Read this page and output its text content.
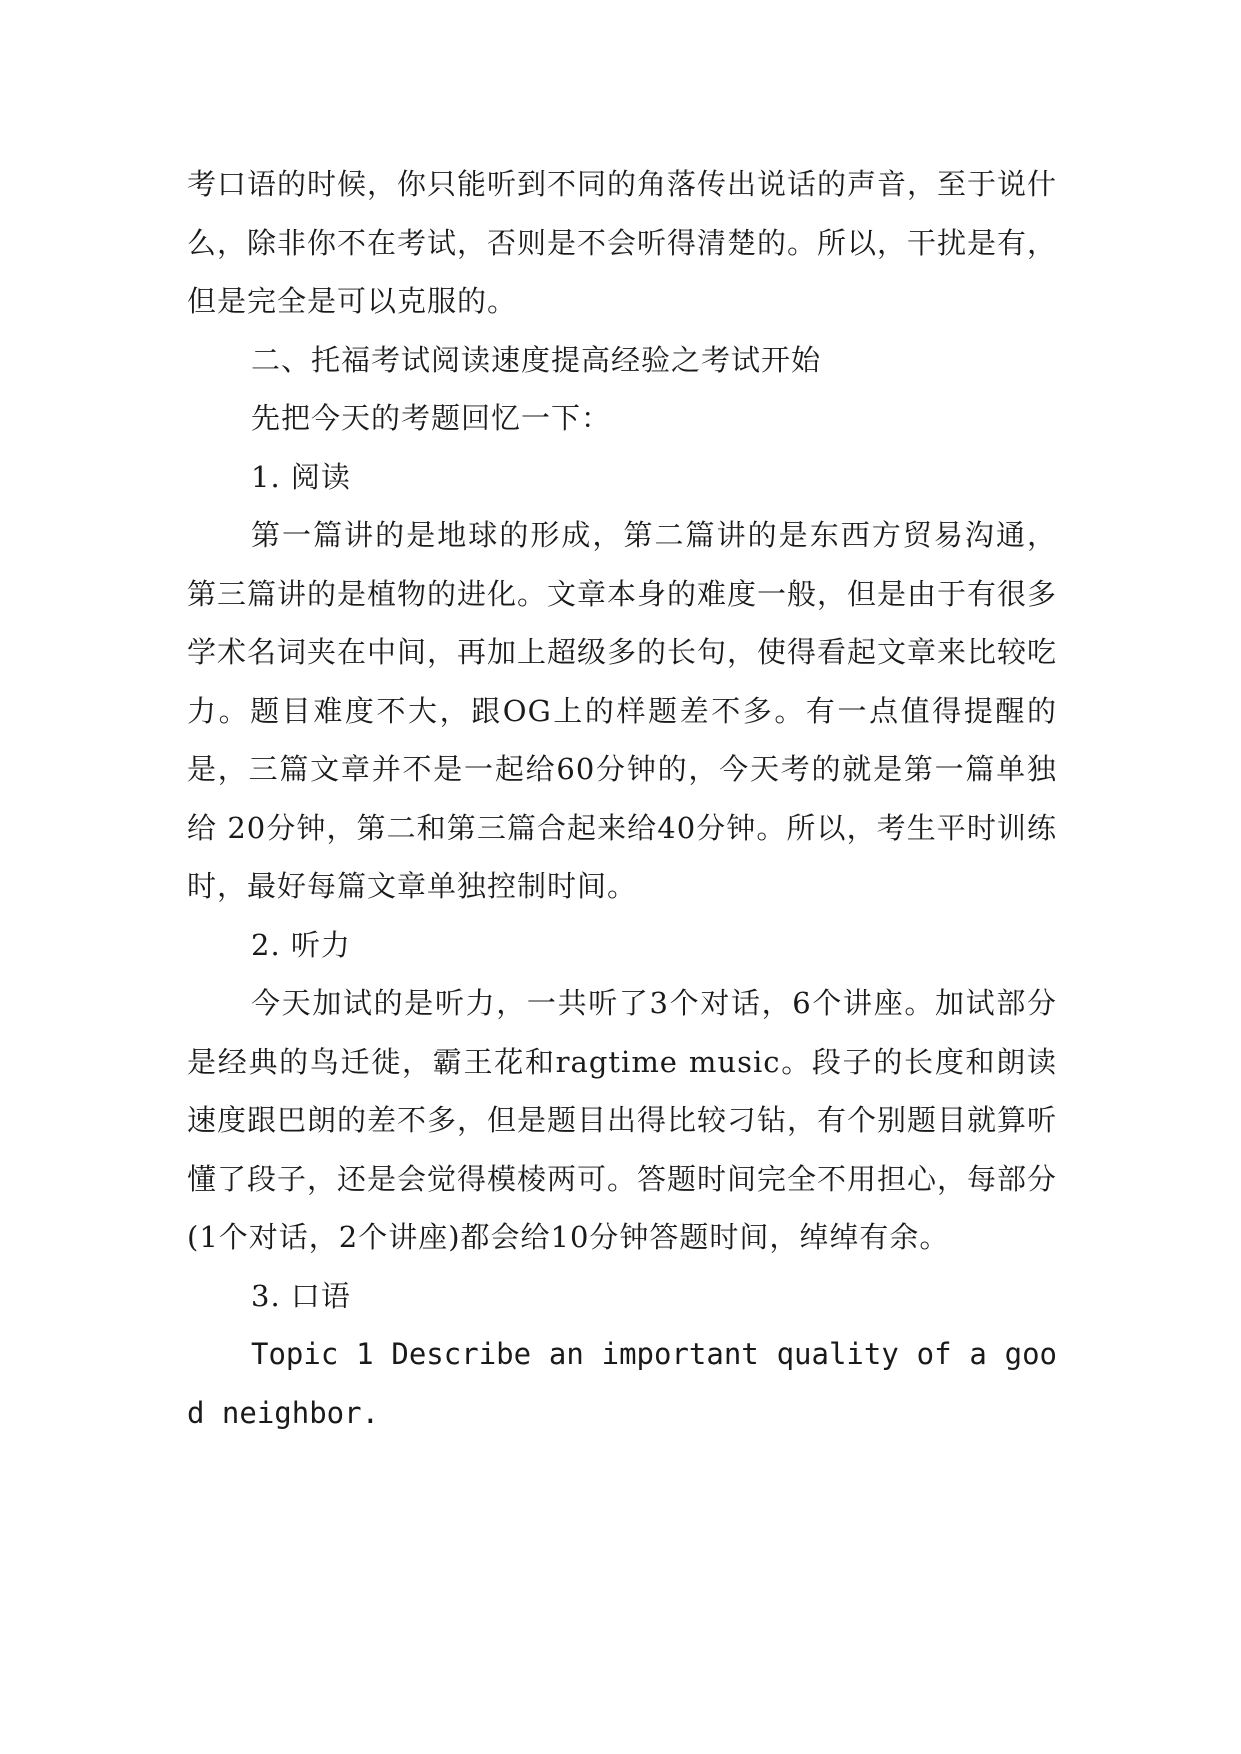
考口语的时候，你只能听到不同的角落传出说话的声音，至于说什么，除非你不在考试，否则是不会听得清楚的。所以，干扰是有，但是完全是可以克服的。

二、托福考试阅读速度提高经验之考试开始

先把今天的考题回忆一下：

1. 阅读

第一篇讲的是地球的形成，第二篇讲的是东西方贸易沟通，第三篇讲的是植物的进化。文章本身的难度一般，但是由于有很多学术名词夹在中间，再加上超级多的长句，使得看起文章来比较吃力。题目难度不大，跟OG上的样题差不多。有一点值得提醒的是，三篇文章并不是一起给60分钟的，今天考的就是第一篇单独给 20分钟，第二和第三篇合起来给40分钟。所以，考生平时训练时，最好每篇文章单独控制时间。

2. 听力

今天加试的是听力，一共听了3个对话，6个讲座。加试部分是经典的鸟迁徙，霸王花和ragtime music。段子的长度和朗读速度跟巴朗的差不多，但是题目出得比较刁钻，有个别题目就算听懂了段子，还是会觉得模棱两可。答题时间完全不用担心，每部分 (1个对话，2个讲座)都会给10分钟答题时间，绰绰有余。

3. 口语

Topic 1 Describe an important quality of a good neighbor.
